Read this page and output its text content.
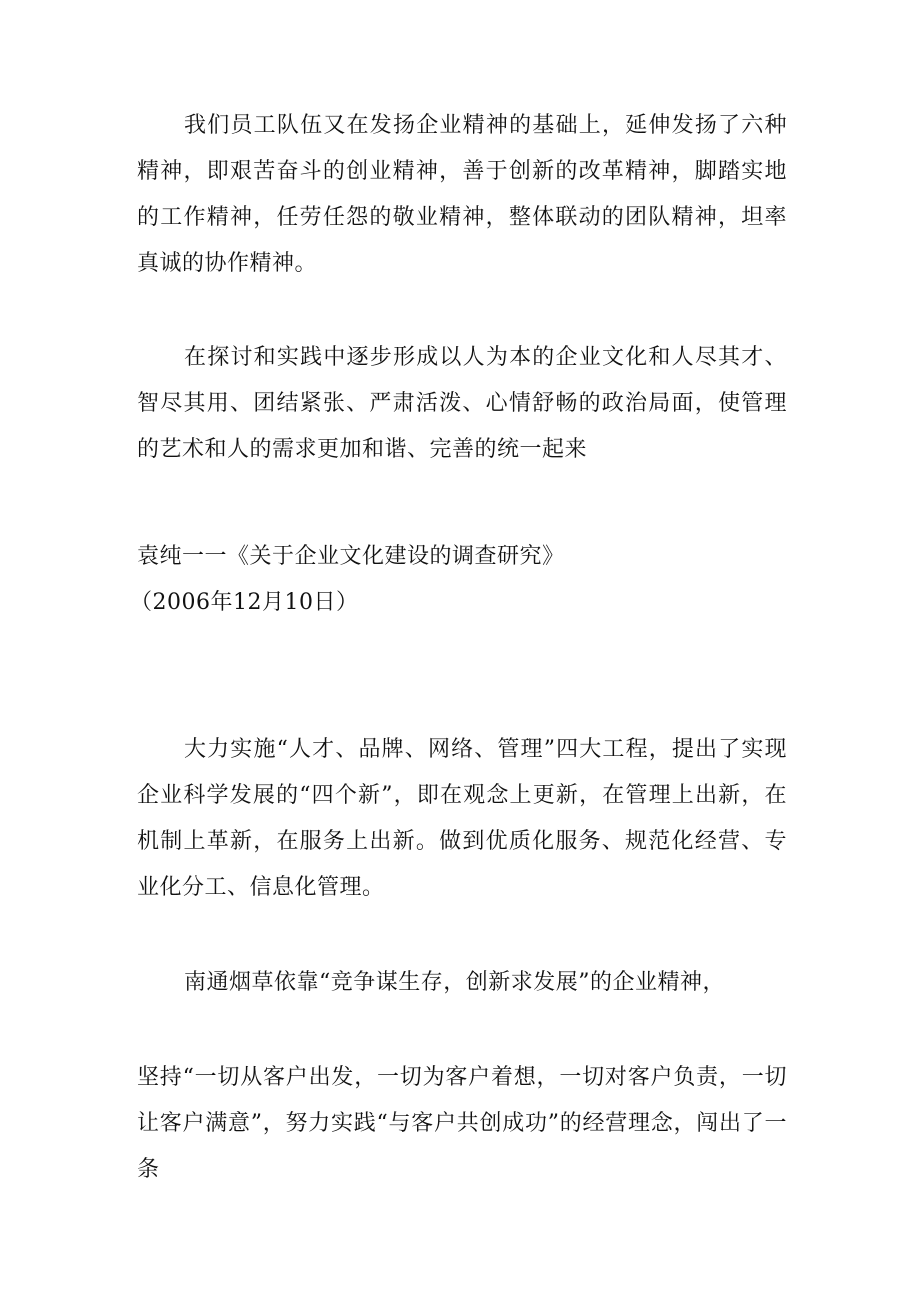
我们员工队伍又在发扬企业精神的基础上，延伸发扬了六种精神，即艰苦奋斗的创业精神，善于创新的改革精神，脚踏实地的工作精神，任劳任怨的敬业精神，整体联动的团队精神，坦率真诚的协作精神。

在探讨和实践中逐步形成以人为本的企业文化和人尽其才、智尽其用、团结紧张、严肃活泼、心情舒畅的政治局面，使管理的艺术和人的需求更加和谐、完善的统一起来

袁纯一一《关于企业文化建设的调查研究》

（2006年12月10日）

大力实施“人才、品牌、网络、管理”四大工程，提出了实现企业科学发展的“四个新”，即在观念上更新，在管理上出新，在机制上革新，在服务上出新。做到优质化服务、规范化经营、专业化分工、信息化管理。

南通烟草依靠“竞争谋生存，创新求发展”的企业精神，

坚持“一切从客户出发，一切为客户着想，一切对客户负责，一切让客户满意”，努力实践“与客户共创成功”的经营理念，闯出了一条
